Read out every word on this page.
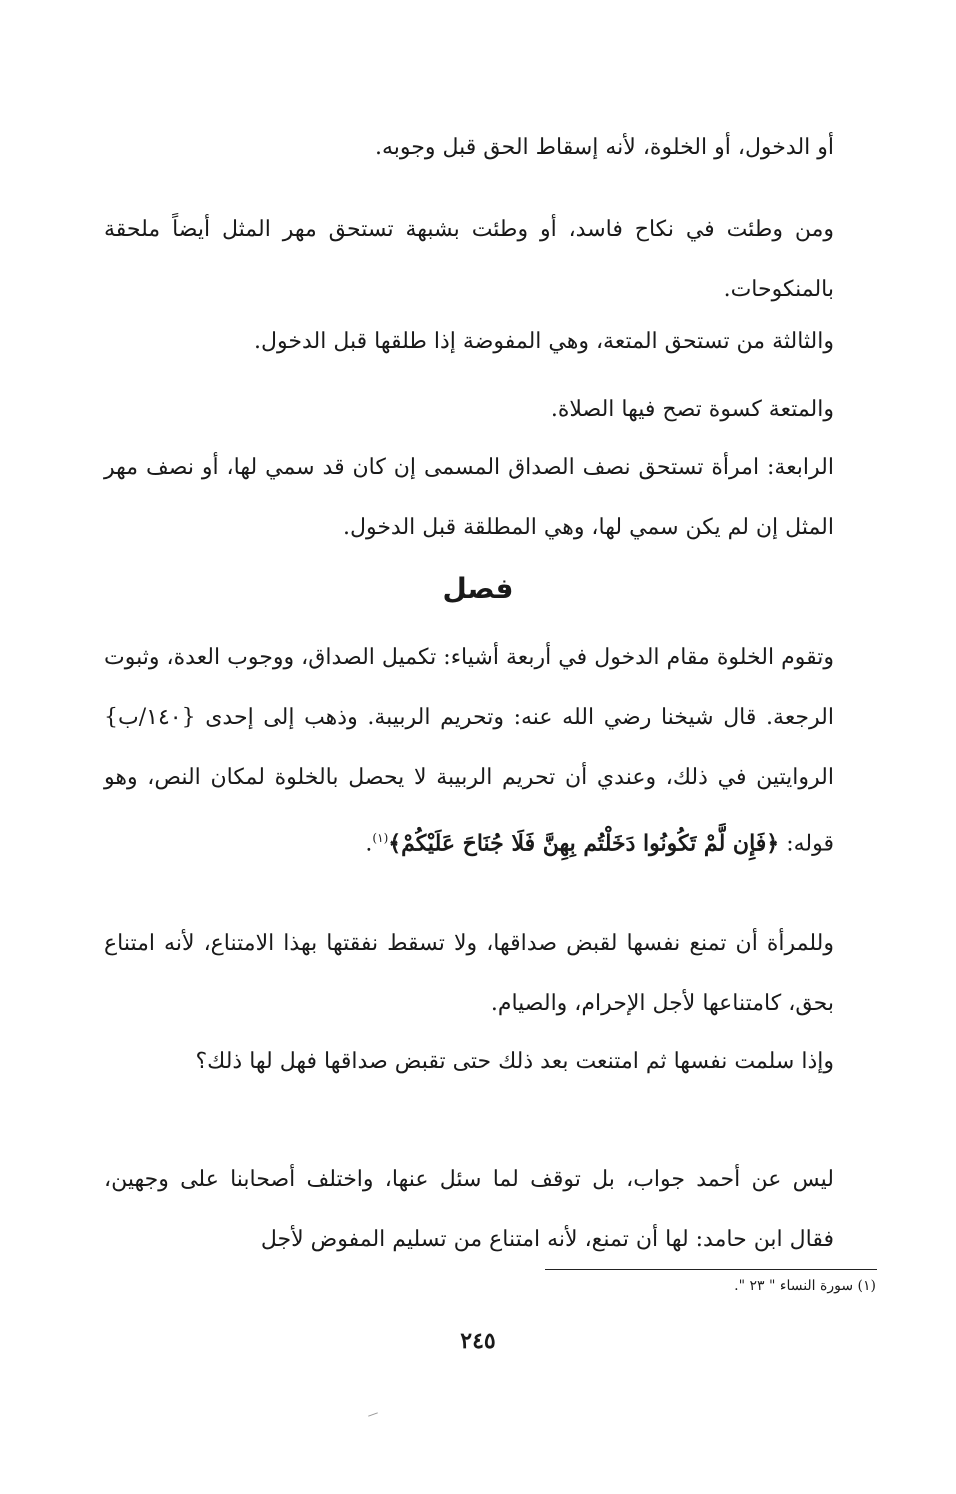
أو الدخول، أو الخلوة، لأنه إسقاط الحق قبل وجوبه.
ومن وطئت في نكاح فاسد، أو وطئت بشبهة تستحق مهر المثل أيضاً ملحقة بالمنكوحات.
والثالثة من تستحق المتعة، وهي المفوضة إذا طلقها قبل الدخول.
والمتعة كسوة تصح فيها الصلاة.
الرابعة: امرأة تستحق نصف الصداق المسمى إن كان قد سمي لها، أو نصف مهر المثل إن لم يكن سمي لها، وهي المطلقة قبل الدخول.
فصل
وتقوم الخلوة مقام الدخول في أربعة أشياء: تكميل الصداق، ووجوب العدة، وثبوت الرجعة. قال شيخنا رضي الله عنه: وتحريم الربيبة. وذهب إلى إحدى {١٤٠/ب} الروايتين في ذلك، وعندي أن تحريم الربيبة لا يحصل بالخلوة لمكان النص، وهو قوله: ﴿فَإِن لَّمْ تَكُونُوا دَخَلْتُم بِهِنَّ فَلَا جُنَاحَ عَلَيْكُمْ﴾$^{(١)}$.
وللمرأة أن تمنع نفسها لقبض صداقها، ولا تسقط نفقتها بهذا الامتناع، لأنه امتناع بحق، كامتناعها لأجل الإحرام، والصيام.
وإذا سلمت نفسها ثم امتنعت بعد ذلك حتى تقبض صداقها فهل لها ذلك؟
ليس عن أحمد جواب، بل توقف لما سئل عنها، واختلف أصحابنا على وجهين، فقال ابن حامد: لها أن تمنع، لأنه امتناع من تسليم المفوض لأجل
(١) سورة النساء " ٢٣ ".
٢٤٥
